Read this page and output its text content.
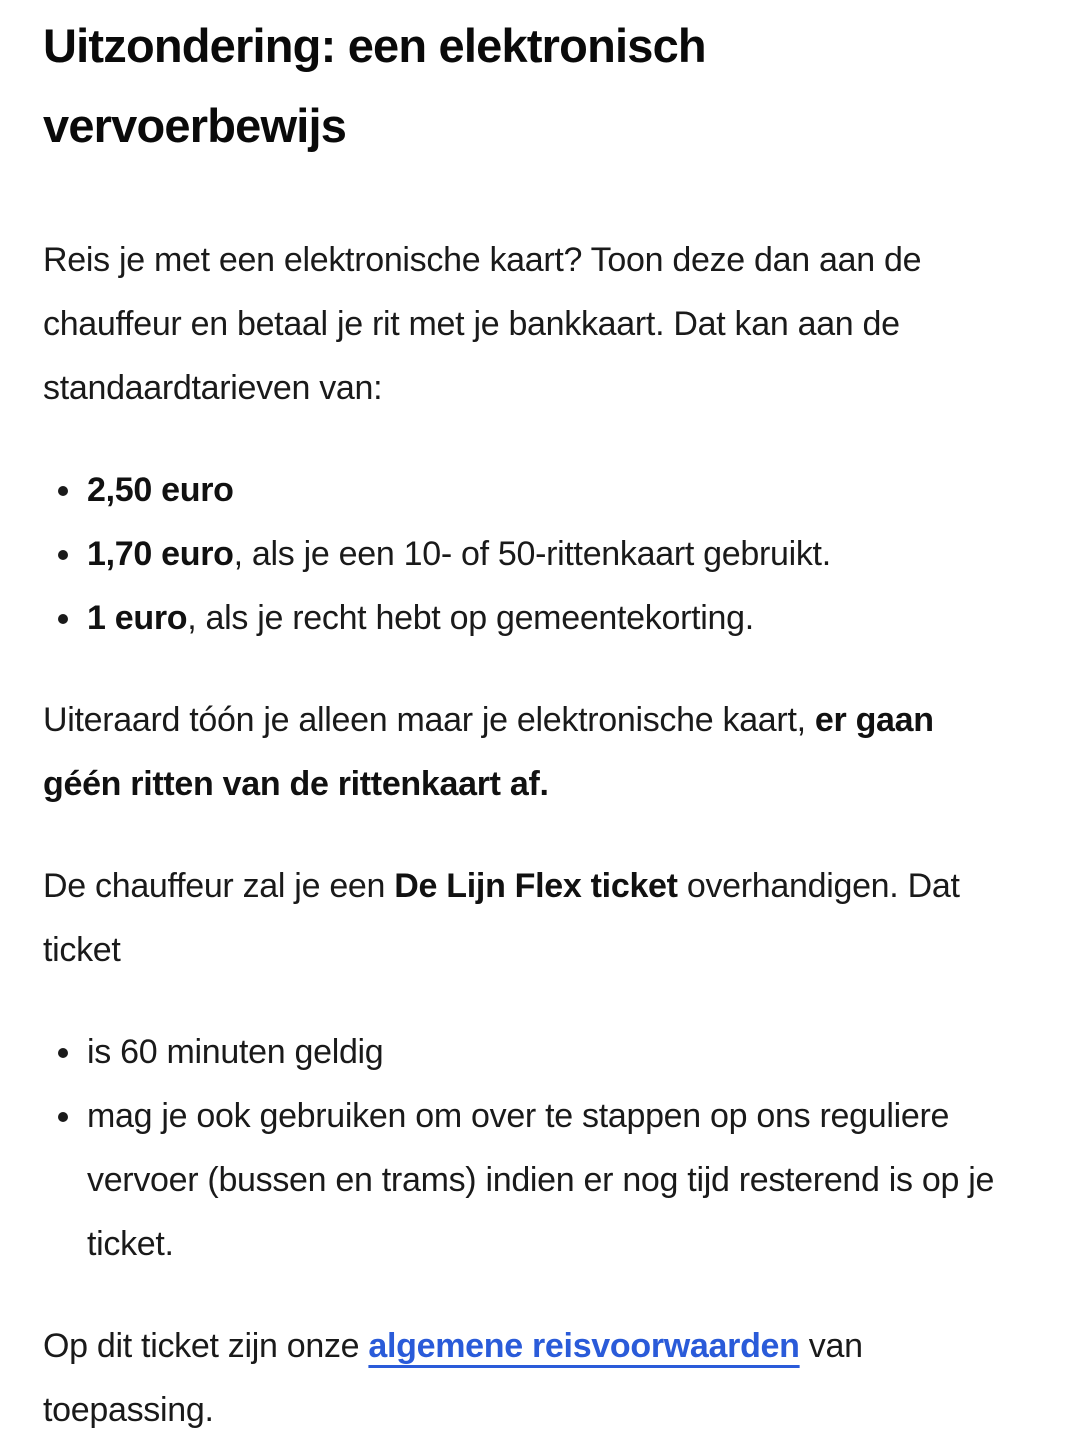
Uitzondering: een elektronisch vervoerbewijs

Reis je met een elektronische kaart? Toon deze dan aan de chauffeur en betaal je rit met je bankkaart. Dat kan aan de standaardtarieven van:

• 2,50 euro
• 1,70 euro, als je een 10- of 50-rittenkaart gebruikt.
• 1 euro, als je recht hebt op gemeentekorting.

Uiteraard tóón je alleen maar je elektronische kaart, er gaan géén ritten van de rittenkaart af.

De chauffeur zal je een De Lijn Flex ticket overhandigen. Dat ticket

• is 60 minuten geldig
• mag je ook gebruiken om over te stappen op ons reguliere vervoer (bussen en trams) indien er nog tijd resterend is op je ticket.

Op dit ticket zijn onze algemene reisvoorwaarden van toepassing.
